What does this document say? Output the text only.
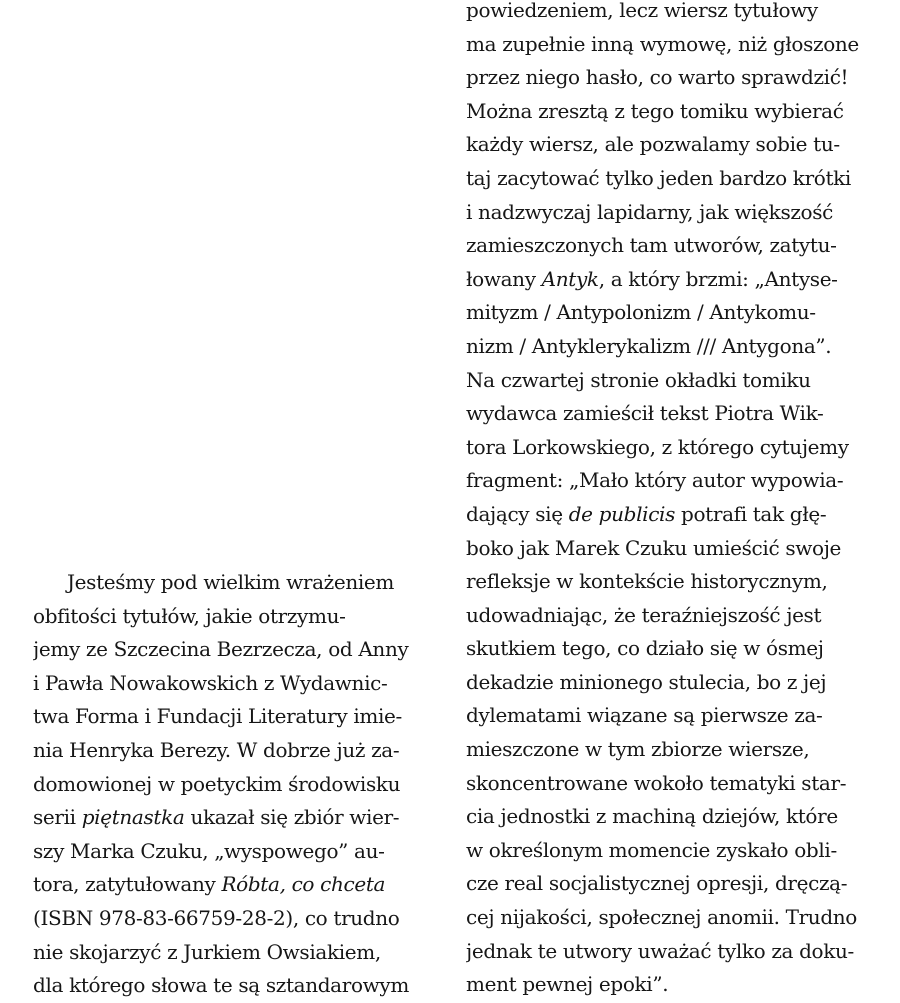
Jesteśmy pod wielkim wrażeniem
obfitości tytułów, jakie otrzymu-
jemy ze Szczecina Bezrzecza, od Anny
i Pawła Nowakowskich z Wydawnic-
twa Forma i Fundacji Literatury imie-
nia Henryka Berezy. W dobrze już za-
domowionej w poetyckim środowisku
serii piętnastka ukazał się zbiór wier-
szy Marka Czuku, „wyspowego” au-
tora, zatytułowany Róbta, co chceta
(ISBN 978-83-66759-28-2), co trudno
nie skojarzyć z Jurkiem Owsiakiem,
dla którego słowa te są sztandarowym
powiedzeniem, lecz wiersz tytułowy
ma zupełnie inną wymowę, niż głoszone
przez niego hasło, co warto sprawdzić!
Można zresztą z tego tomiku wybierać
każdy wiersz, ale pozwalamy sobie tu-
taj zacytować tylko jeden bardzo krótki
i nadzwyczaj lapidarny, jak większość
zamieszczonych tam utworów, zatytu-
łowany Antyk, a który brzmi: „Antyse-
mityzm / Antypolonizm / Antykomu-
nizm / Antyklerykalizm /// Antygona”.
Na czwartej stronie okładki tomiku
wydawca zamieścił tekst Piotra Wik-
tora Lorkowskiego, z którego cytujemy
fragment: „Mało który autor wypowia-
dający się de publicis potrafi tak głę-
boko jak Marek Czuku umieścić swoje
refleksje w kontekście historycznym,
udowadniając, że teraźniejszość jest
skutkiem tego, co działo się w ósmej
dekadzie minionego stulecia, bo z jej
dylematami wiązane są pierwsze za-
mieszczone w tym zbiorze wiersze,
skoncentrowane wokoło tematyki star-
cia jednostki z machiną dziejów, które
w określonym momencie zyskało obli-
cze real socjalistycznej opresji, dręczą-
cej nijakości, społecznej anomii. Trudno
jednak te utwory uważać tylko za doku-
ment pewnej epoki”.
